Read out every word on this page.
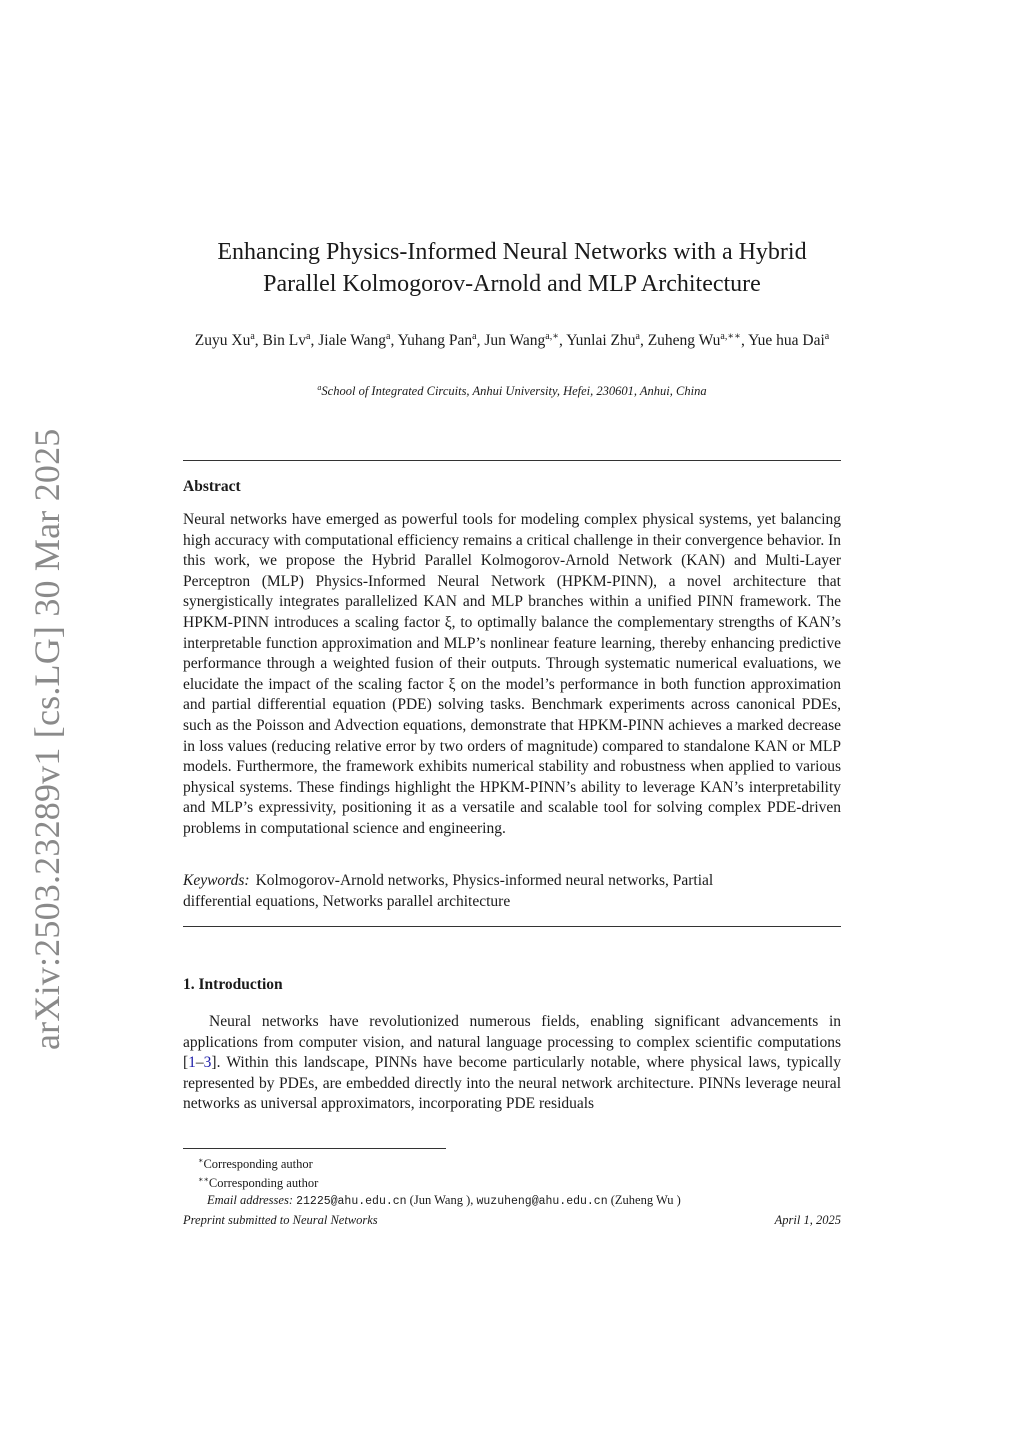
arXiv:2503.23289v1 [cs.LG] 30 Mar 2025
Enhancing Physics-Informed Neural Networks with a Hybrid
Parallel Kolmogorov-Arnold and MLP Architecture
Zuyu Xu$^a$, Bin Lv$^a$, Jiale Wang$^a$, Yuhang Pan$^a$, Jun Wang$^{a,∗}$, Yunlai Zhu$^a$, Zuheng $Wu^{a,∗∗}$, Yue hua Dai$^a$
$^a$School of Integrated Circuits, Anhui University, Hefei, 230601, Anhui, China
Abstract
Neural networks have emerged as powerful tools for modeling complex physical systems, yet balancing high accuracy with computational efficiency remains a critical challenge in their convergence behavior. In this work, we propose the Hybrid Parallel Kolmogorov-Arnold Network (KAN) and Multi-Layer Perceptron (MLP) Physics-Informed Neural Network (HPKM-PINN), a novel architecture that synergistically integrates parallelized KAN and MLP branches within a unified PINN framework. The HPKM-PINN introduces a scaling factor ξ, to optimally balance the complementary strengths of KAN’s interpretable function approximation and MLP’s nonlinear feature learning, thereby enhancing predictive performance through a weighted fusion of their outputs. Through systematic numerical evaluations, we elucidate the impact of the scaling factor ξ on the model’s performance in both function approximation and partial differential equation (PDE) solving tasks. Benchmark experiments across canonical PDEs, such as the Poisson and Advection equations, demonstrate that HPKM-PINN achieves a marked decrease in loss values (reducing relative error by two orders of magnitude) compared to standalone KAN or MLP models. Furthermore, the framework exhibits numerical stability and robustness when applied to various physical systems. These findings highlight the HPKM-PINN’s ability to leverage KAN’s interpretability and MLP’s expressivity, positioning it as a versatile and scalable tool for solving complex PDE-driven problems in computational science and engineering.
Keywords: Kolmogorov-Arnold networks, Physics-informed neural networks, Partial differential equations, Networks parallel architecture
1. Introduction
Neural networks have revolutionized numerous fields, enabling significant advancements in applications from computer vision, and natural language processing to complex scientific computations [1–3]. Within this landscape, PINNs have become particularly notable, where physical laws, typically represented by PDEs, are embedded directly into the neural network architecture. PINNs leverage neural networks as universal approximators, incorporating PDE residuals
∗Corresponding author
∗∗Corresponding author
Email addresses: 21225@ahu.edu.cn (Jun Wang ), wuzuheng@ahu.edu.cn (Zuheng Wu )
Preprint submitted to Neural Networks	April 1, 2025
